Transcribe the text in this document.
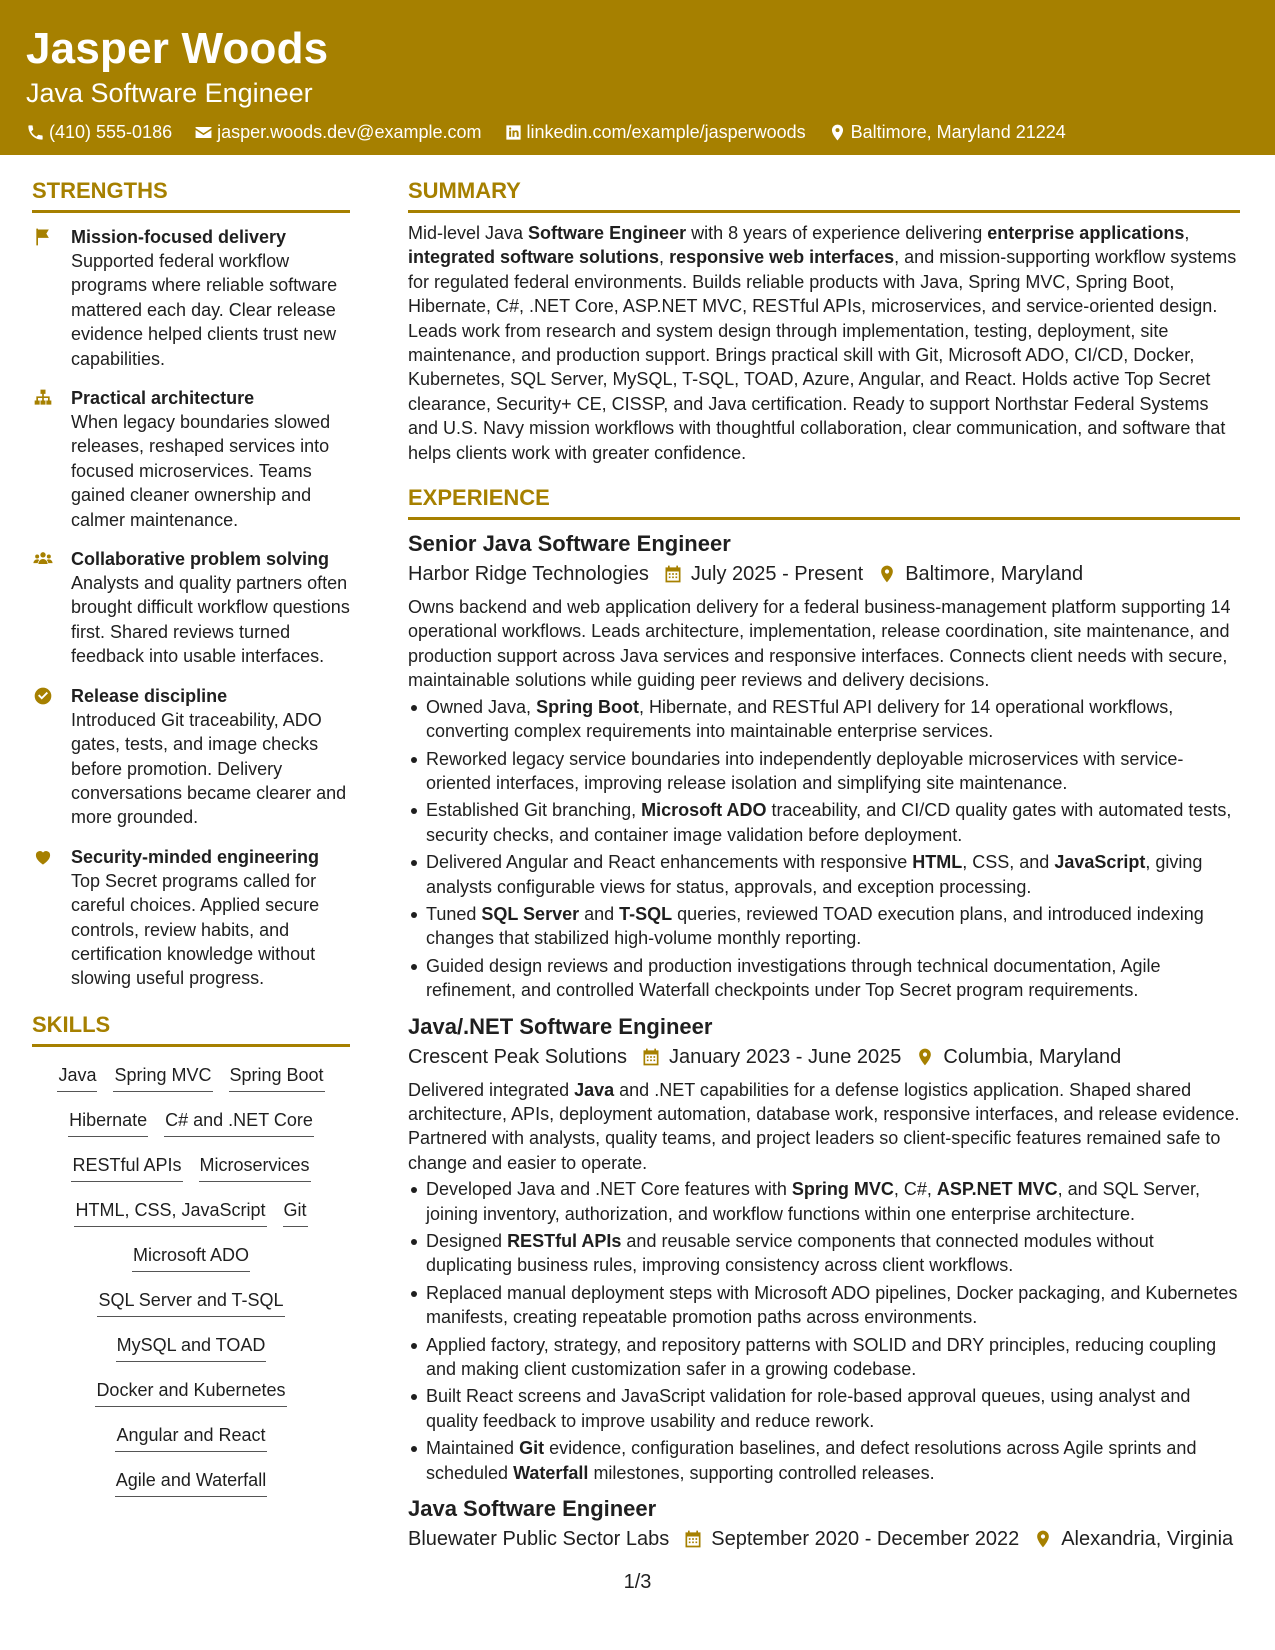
Jasper Woods
Java Software Engineer
(410) 555-0186	jasper.woods.dev@example.com	linkedin.com/example/jasperwoods	Baltimore, Maryland 21224
STRENGTHS
Mission-focused delivery
Supported federal workflow programs where reliable software mattered each day. Clear release evidence helped clients trust new capabilities.
Practical architecture
When legacy boundaries slowed releases, reshaped services into focused microservices. Teams gained cleaner ownership and calmer maintenance.
Collaborative problem solving
Analysts and quality partners often brought difficult workflow questions first. Shared reviews turned feedback into usable interfaces.
Release discipline
Introduced Git traceability, ADO gates, tests, and image checks before promotion. Delivery conversations became clearer and more grounded.
Security-minded engineering
Top Secret programs called for careful choices. Applied secure controls, review habits, and certification knowledge without slowing useful progress.
SKILLS
Java Spring MVC Spring Boot
Hibernate C# and .NET Core
RESTful APIs Microservices
HTML, CSS, JavaScript Git
Microsoft ADO
SQL Server and T-SQL
MySQL and TOAD
Docker and Kubernetes
Angular and React
Agile and Waterfall
SUMMARY
Mid-level Java Software Engineer with 8 years of experience delivering enterprise applications, integrated software solutions, responsive web interfaces, and mission-supporting workflow systems for regulated federal environments. Builds reliable products with Java, Spring MVC, Spring Boot, Hibernate, C#, .NET Core, ASP.NET MVC, RESTful APIs, microservices, and service-oriented design. Leads work from research and system design through implementation, testing, deployment, site maintenance, and production support. Brings practical skill with Git, Microsoft ADO, CI/CD, Docker, Kubernetes, SQL Server, MySQL, T-SQL, TOAD, Azure, Angular, and React. Holds active Top Secret clearance, Security+ CE, CISSP, and Java certification. Ready to support Northstar Federal Systems and U.S. Navy mission workflows with thoughtful collaboration, clear communication, and software that helps clients work with greater confidence.
EXPERIENCE
Senior Java Software Engineer
Harbor Ridge Technologies July 2025 - Present Baltimore, Maryland
Owns backend and web application delivery for a federal business-management platform supporting 14 operational workflows. Leads architecture, implementation, release coordination, site maintenance, and production support across Java services and responsive interfaces. Connects client needs with secure, maintainable solutions while guiding peer reviews and delivery decisions.
Owned Java, Spring Boot, Hibernate, and RESTful API delivery for 14 operational workflows, converting complex requirements into maintainable enterprise services.
Reworked legacy service boundaries into independently deployable microservices with service-oriented interfaces, improving release isolation and simplifying site maintenance.
Established Git branching, Microsoft ADO traceability, and CI/CD quality gates with automated tests, security checks, and container image validation before deployment.
Delivered Angular and React enhancements with responsive HTML, CSS, and JavaScript, giving analysts configurable views for status, approvals, and exception processing.
Tuned SQL Server and T-SQL queries, reviewed TOAD execution plans, and introduced indexing changes that stabilized high-volume monthly reporting.
Guided design reviews and production investigations through technical documentation, Agile refinement, and controlled Waterfall checkpoints under Top Secret program requirements.
Java/.NET Software Engineer
Crescent Peak Solutions January 2023 - June 2025 Columbia, Maryland
Delivered integrated Java and .NET capabilities for a defense logistics application. Shaped shared architecture, APIs, deployment automation, database work, responsive interfaces, and release evidence. Partnered with analysts, quality teams, and project leaders so client-specific features remained safe to change and easier to operate.
Developed Java and .NET Core features with Spring MVC, C#, ASP.NET MVC, and SQL Server, joining inventory, authorization, and workflow functions within one enterprise architecture.
Designed RESTful APIs and reusable service components that connected modules without duplicating business rules, improving consistency across client workflows.
Replaced manual deployment steps with Microsoft ADO pipelines, Docker packaging, and Kubernetes manifests, creating repeatable promotion paths across environments.
Applied factory, strategy, and repository patterns with SOLID and DRY principles, reducing coupling and making client customization safer in a growing codebase.
Built React screens and JavaScript validation for role-based approval queues, using analyst and quality feedback to improve usability and reduce rework.
Maintained Git evidence, configuration baselines, and defect resolutions across Agile sprints and scheduled Waterfall milestones, supporting controlled releases.
Java Software Engineer
Bluewater Public Sector Labs September 2020 - December 2022 Alexandria, Virginia
1/3
